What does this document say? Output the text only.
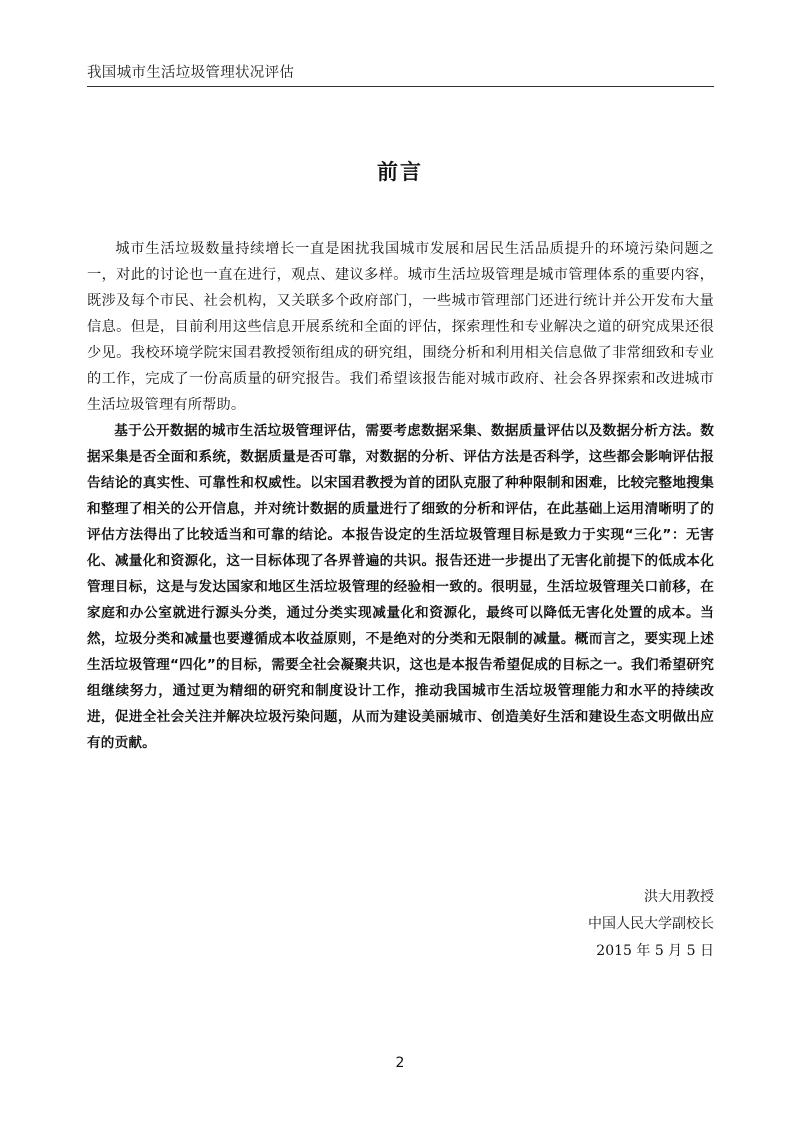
我国城市生活垃圾管理状况评估
前言

城市生活垃圾数量持续增长一直是困扰我国城市发展和居民生活品质提升的环境污染问题之一，对此的讨论也一直在进行，观点、建议多样。城市生活垃圾管理是城市管理体系的重要内容，既涉及每个市民、社会机构，又关联多个政府部门，一些城市管理部门还进行统计并公开发布大量信息。但是，目前利用这些信息开展系统和全面的评估，探索理性和专业解决之道的研究成果还很少见。我校环境学院宋国君教授领衔组成的研究组，围绕分析和利用相关信息做了非常细致和专业的工作，完成了一份高质量的研究报告。我们希望该报告能对城市政府、社会各界探索和改进城市生活垃圾管理有所帮助。

基于公开数据的城市生活垃圾管理评估，需要考虑数据采集、数据质量评估以及数据分析方法。数据采集是否全面和系统，数据质量是否可靠，对数据的分析、评估方法是否科学，这些都会影响评估报告结论的真实性、可靠性和权威性。以宋国君教授为首的团队克服了种种限制和困难，比较完整地搜集和整理了相关的公开信息，并对统计数据的质量进行了细致的分析和评估，在此基础上运用清晰明了的评估方法得出了比较适当和可靠的结论。本报告设定的生活垃圾管理目标是致力于实现“三化”：无害化、减量化和资源化，这一目标体现了各界普遍的共识。报告还进一步提出了无害化前提下的低成本化管理目标，这是与发达国家和地区生活垃圾管理的经验相一致的。很明显，生活垃圾管理关口前移，在家庭和办公室就进行源头分类，通过分类实现减量化和资源化，最终可以降低无害化处置的成本。当然，垃圾分类和减量也要遵循成本收益原则，不是绝对的分类和无限制的减量。概而言之，要实现上述生活垃圾管理“四化”的目标，需要全社会凝聚共识，这也是本报告希望促成的目标之一。我们希望研究组继续努力，通过更为精细的研究和制度设计工作，推动我国城市生活垃圾管理能力和水平的持续改进，促进全社会关注并解决垃圾污染问题，从而为建设美丽城市、创造美好生活和建设生态文明做出应有的贡献。

洪大用教授
中国人民大学副校长
2015 年 5 月 5 日
2
